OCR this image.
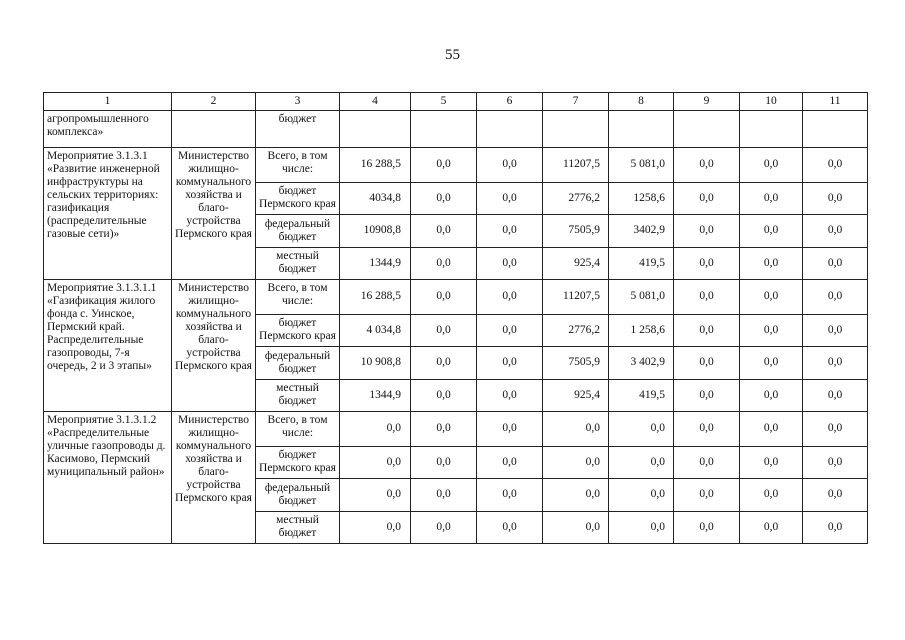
55
1	2	3	4	5	6	7	8	9	10	11
агропромышленного комплекса»		бюджет								
Мероприятие 3.1.3.1 «Развитие инженерной инфраструктуры на сельских территориях: газификация (распределительные газовые сети)»	Министерство жилищно-коммунального хозяйства и благо-устройства Пермского края	Всего, в том числе:	16 288,5	0,0	0,0	11207,5	5 081,0	0,0	0,0	0,0
		бюджет Пермского края	4034,8	0,0	0,0	2776,2	1258,6	0,0	0,0	0,0
		федеральный бюджет	10908,8	0,0	0,0	7505,9	3402,9	0,0	0,0	0,0
		местный бюджет	1344,9	0,0	0,0	925,4	419,5	0,0	0,0	0,0
Мероприятие 3.1.3.1.1 «Газификация жилого фонда с. Уинское, Пермский край. Распределительные газопроводы, 7-я очередь, 2 и 3 этапы»	Министерство жилищно-коммунального хозяйства и благо-устройства Пермского края	Всего, в том числе:	16 288,5	0,0	0,0	11207,5	5 081,0	0,0	0,0	0,0
		бюджет Пермского края	4 034,8	0,0	0,0	2776,2	1 258,6	0,0	0,0	0,0
		федеральный бюджет	10 908,8	0,0	0,0	7505,9	3 402,9	0,0	0,0	0,0
		местный бюджет	1344,9	0,0	0,0	925,4	419,5	0,0	0,0	0,0
Мероприятие 3.1.3.1.2 «Распределительные уличные газопроводы д. Касимово, Пермский муниципальный район»	Министерство жилищно-коммунального хозяйства и благо-устройства Пермского края	Всего, в том числе:	0,0	0,0	0,0	0,0	0,0	0,0	0,0	0,0
		бюджет Пермского края	0,0	0,0	0,0	0,0	0,0	0,0	0,0	0,0
		федеральный бюджет	0,0	0,0	0,0	0,0	0,0	0,0	0,0	0,0
		местный бюджет	0,0	0,0	0,0	0,0	0,0	0,0	0,0	0,0
